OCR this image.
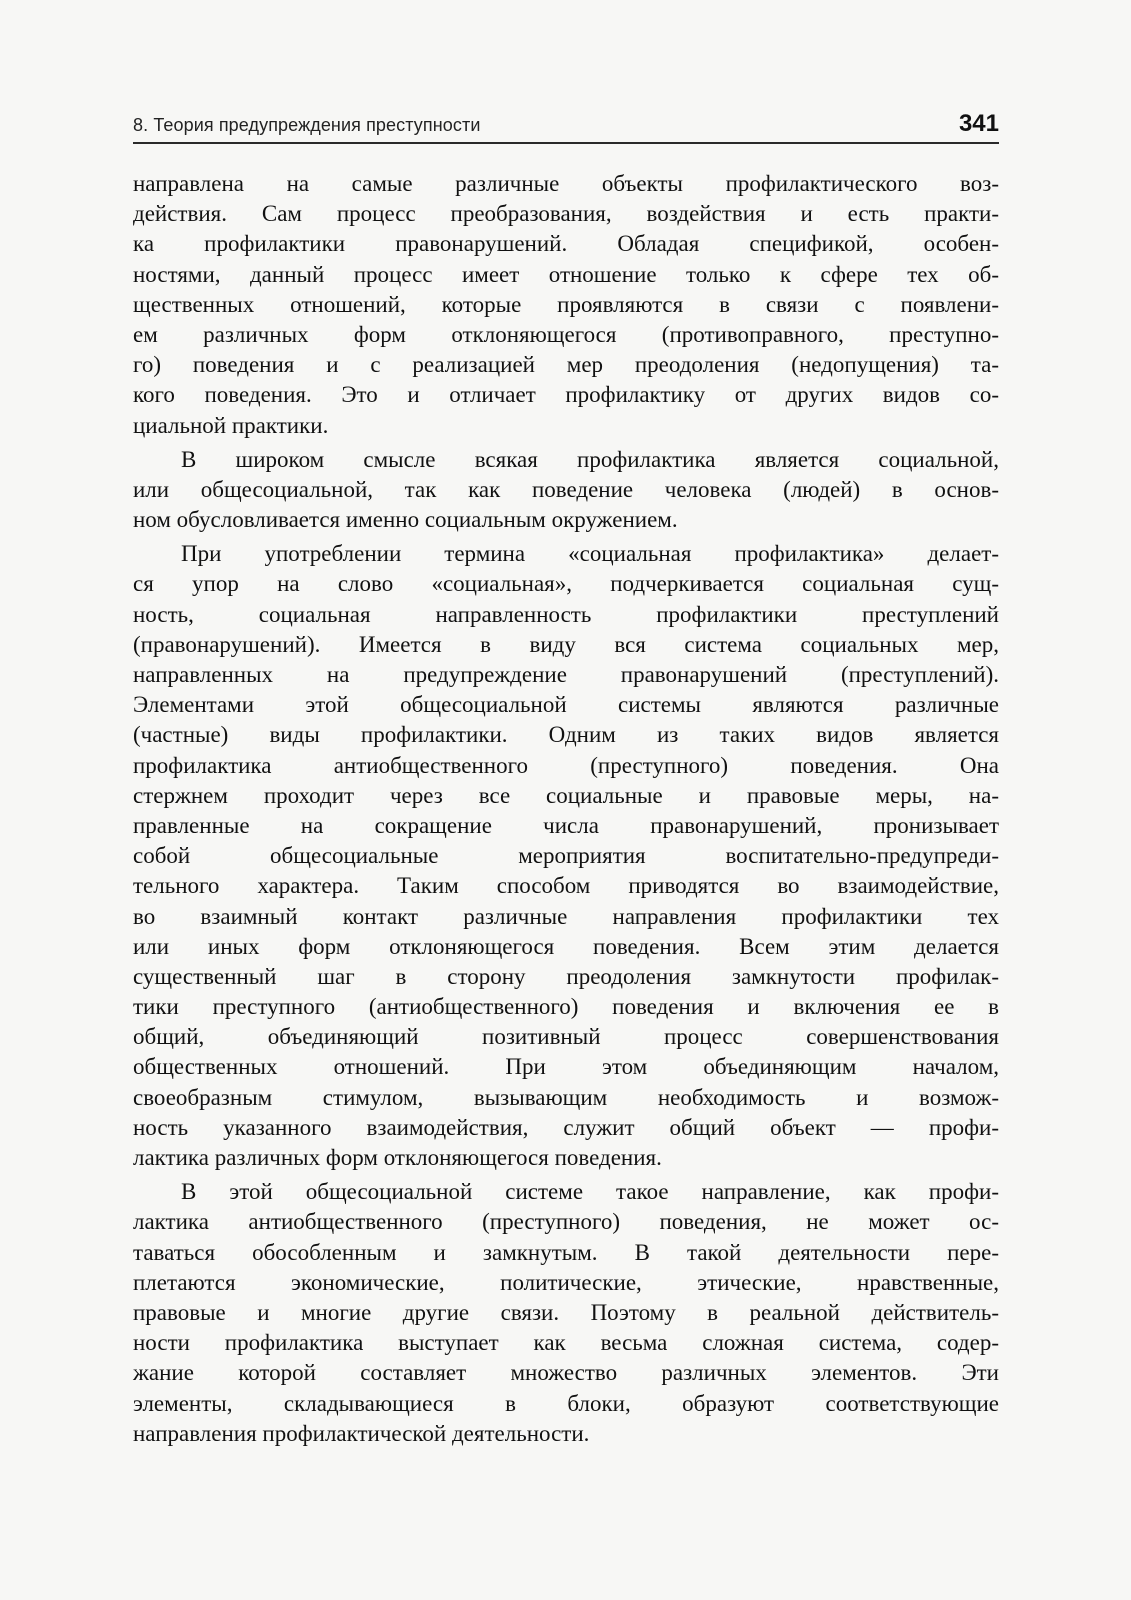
8. Теория предупреждения преступности	341
направлена на самые различные объекты профилактического воз-
действия. Сам процесс преобразования, воздействия и есть практи-
ка профилактики правонарушений. Обладая спецификой, особен-
ностями, данный процесс имеет отношение только к сфере тех об-
щественных отношений, которые проявляются в связи с появлени-
ем различных форм отклоняющегося (противоправного, преступно-
го) поведения и с реализацией мер преодоления (недопущения) та-
кого поведения. Это и отличает профилактику от других видов со-
циальной практики.
В широком смысле всякая профилактика является социальной,
или общесоциальной, так как поведение человека (людей) в основ-
ном обусловливается именно социальным окружением.
При употреблении термина «социальная профилактика» делает-
ся упор на слово «социальная», подчеркивается социальная сущ-
ность, социальная направленность профилактики преступлений
(правонарушений). Имеется в виду вся система социальных мер,
направленных на предупреждение правонарушений (преступлений).
Элементами этой общесоциальной системы являются различные
(частные) виды профилактики. Одним из таких видов является
профилактика антиобщественного (преступного) поведения. Она
стержнем проходит через все социальные и правовые меры, на-
правленные на сокращение числа правонарушений, пронизывает
собой общесоциальные мероприятия воспитательно-предупреди-
тельного характера. Таким способом приводятся во взаимодействие,
во взаимный контакт различные направления профилактики тех
или иных форм отклоняющегося поведения. Всем этим делается
существенный шаг в сторону преодоления замкнутости профилак-
тики преступного (антиобщественного) поведения и включения ее в
общий, объединяющий позитивный процесс совершенствования
общественных отношений. При этом объединяющим началом,
своеобразным стимулом, вызывающим необходимость и возмож-
ность указанного взаимодействия, служит общий объект — профи-
лактика различных форм отклоняющегося поведения.
В этой общесоциальной системе такое направление, как профи-
лактика антиобщественного (преступного) поведения, не может ос-
таваться обособленным и замкнутым. В такой деятельности пере-
плетаются экономические, политические, этические, нравственные,
правовые и многие другие связи. Поэтому в реальной действитель-
ности профилактика выступает как весьма сложная система, содер-
жание которой составляет множество различных элементов. Эти
элементы, складывающиеся в блоки, образуют соответствующие
направления профилактической деятельности.
